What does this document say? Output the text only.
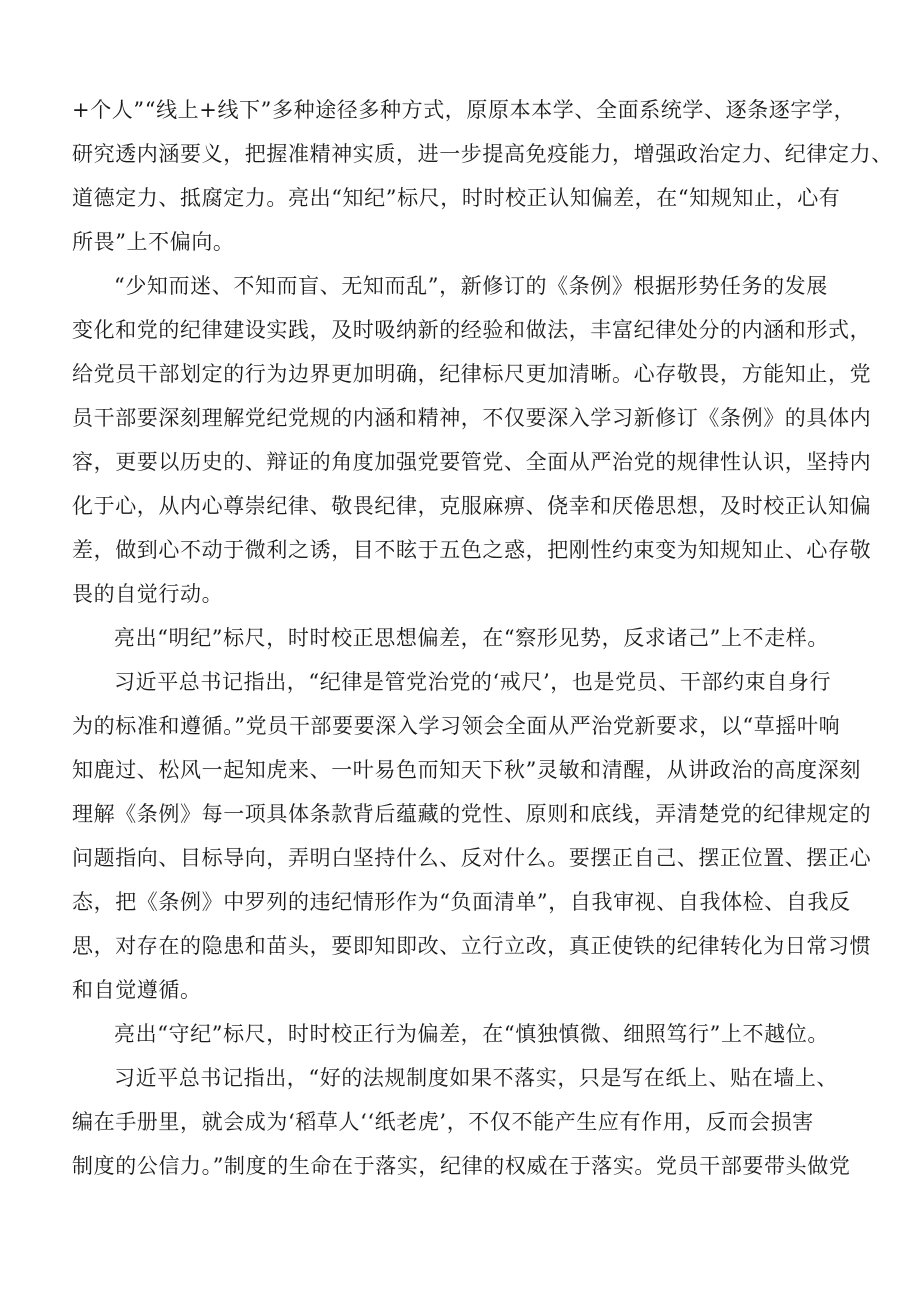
+个人”“线上+线下”多种途径多种方式，原原本本学、全面系统学、逐条逐字学，
研究透内涵要义，把握准精神实质，进一步提高免疫能力，增强政治定力、纪律定力、
道德定力、抵腐定力。亮出“知纪”标尺，时时校正认知偏差，在“知规知止，心有
所畏”上不偏向。
“少知而迷、不知而盲、无知而乱”，新修订的《条例》根据形势任务的发展
变化和党的纪律建设实践，及时吸纳新的经验和做法，丰富纪律处分的内涵和形式，
给党员干部划定的行为边界更加明确，纪律标尺更加清晰。心存敬畏，方能知止，党
员干部要深刻理解党纪党规的内涵和精神，不仅要深入学习新修订《条例》的具体内
容，更要以历史的、辩证的角度加强党要管党、全面从严治党的规律性认识，坚持内
化于心，从内心尊崇纪律、敬畏纪律，克服麻痹、侥幸和厌倦思想，及时校正认知偏
差，做到心不动于微利之诱，目不眩于五色之惑，把刚性约束变为知规知止、心存敬
畏的自觉行动。
亮出“明纪”标尺，时时校正思想偏差，在“察形见势，反求诸己”上不走样。
习近平总书记指出，“纪律是管党治党的‘戒尺’，也是党员、干部约束自身行
为的标准和遵循。”党员干部要要深入学习领会全面从严治党新要求，以“草摇叶响
知鹿过、松风一起知虎来、一叶易色而知天下秋”灵敏和清醒，从讲政治的高度深刻
理解《条例》每一项具体条款背后蕴藏的党性、原则和底线，弄清楚党的纪律规定的
问题指向、目标导向，弄明白坚持什么、反对什么。要摆正自己、摆正位置、摆正心
态，把《条例》中罗列的违纪情形作为“负面清单”，自我审视、自我体检、自我反
思，对存在的隐患和苗头，要即知即改、立行立改，真正使铁的纪律转化为日常习惯
和自觉遵循。
亮出“守纪”标尺，时时校正行为偏差，在“慎独慎微、细照笃行”上不越位。
习近平总书记指出，“好的法规制度如果不落实，只是写在纸上、贴在墙上、
编在手册里，就会成为‘稻草人‘‘纸老虎’，不仅不能产生应有作用，反而会损害
制度的公信力。”制度的生命在于落实，纪律的权威在于落实。党员干部要带头做党
